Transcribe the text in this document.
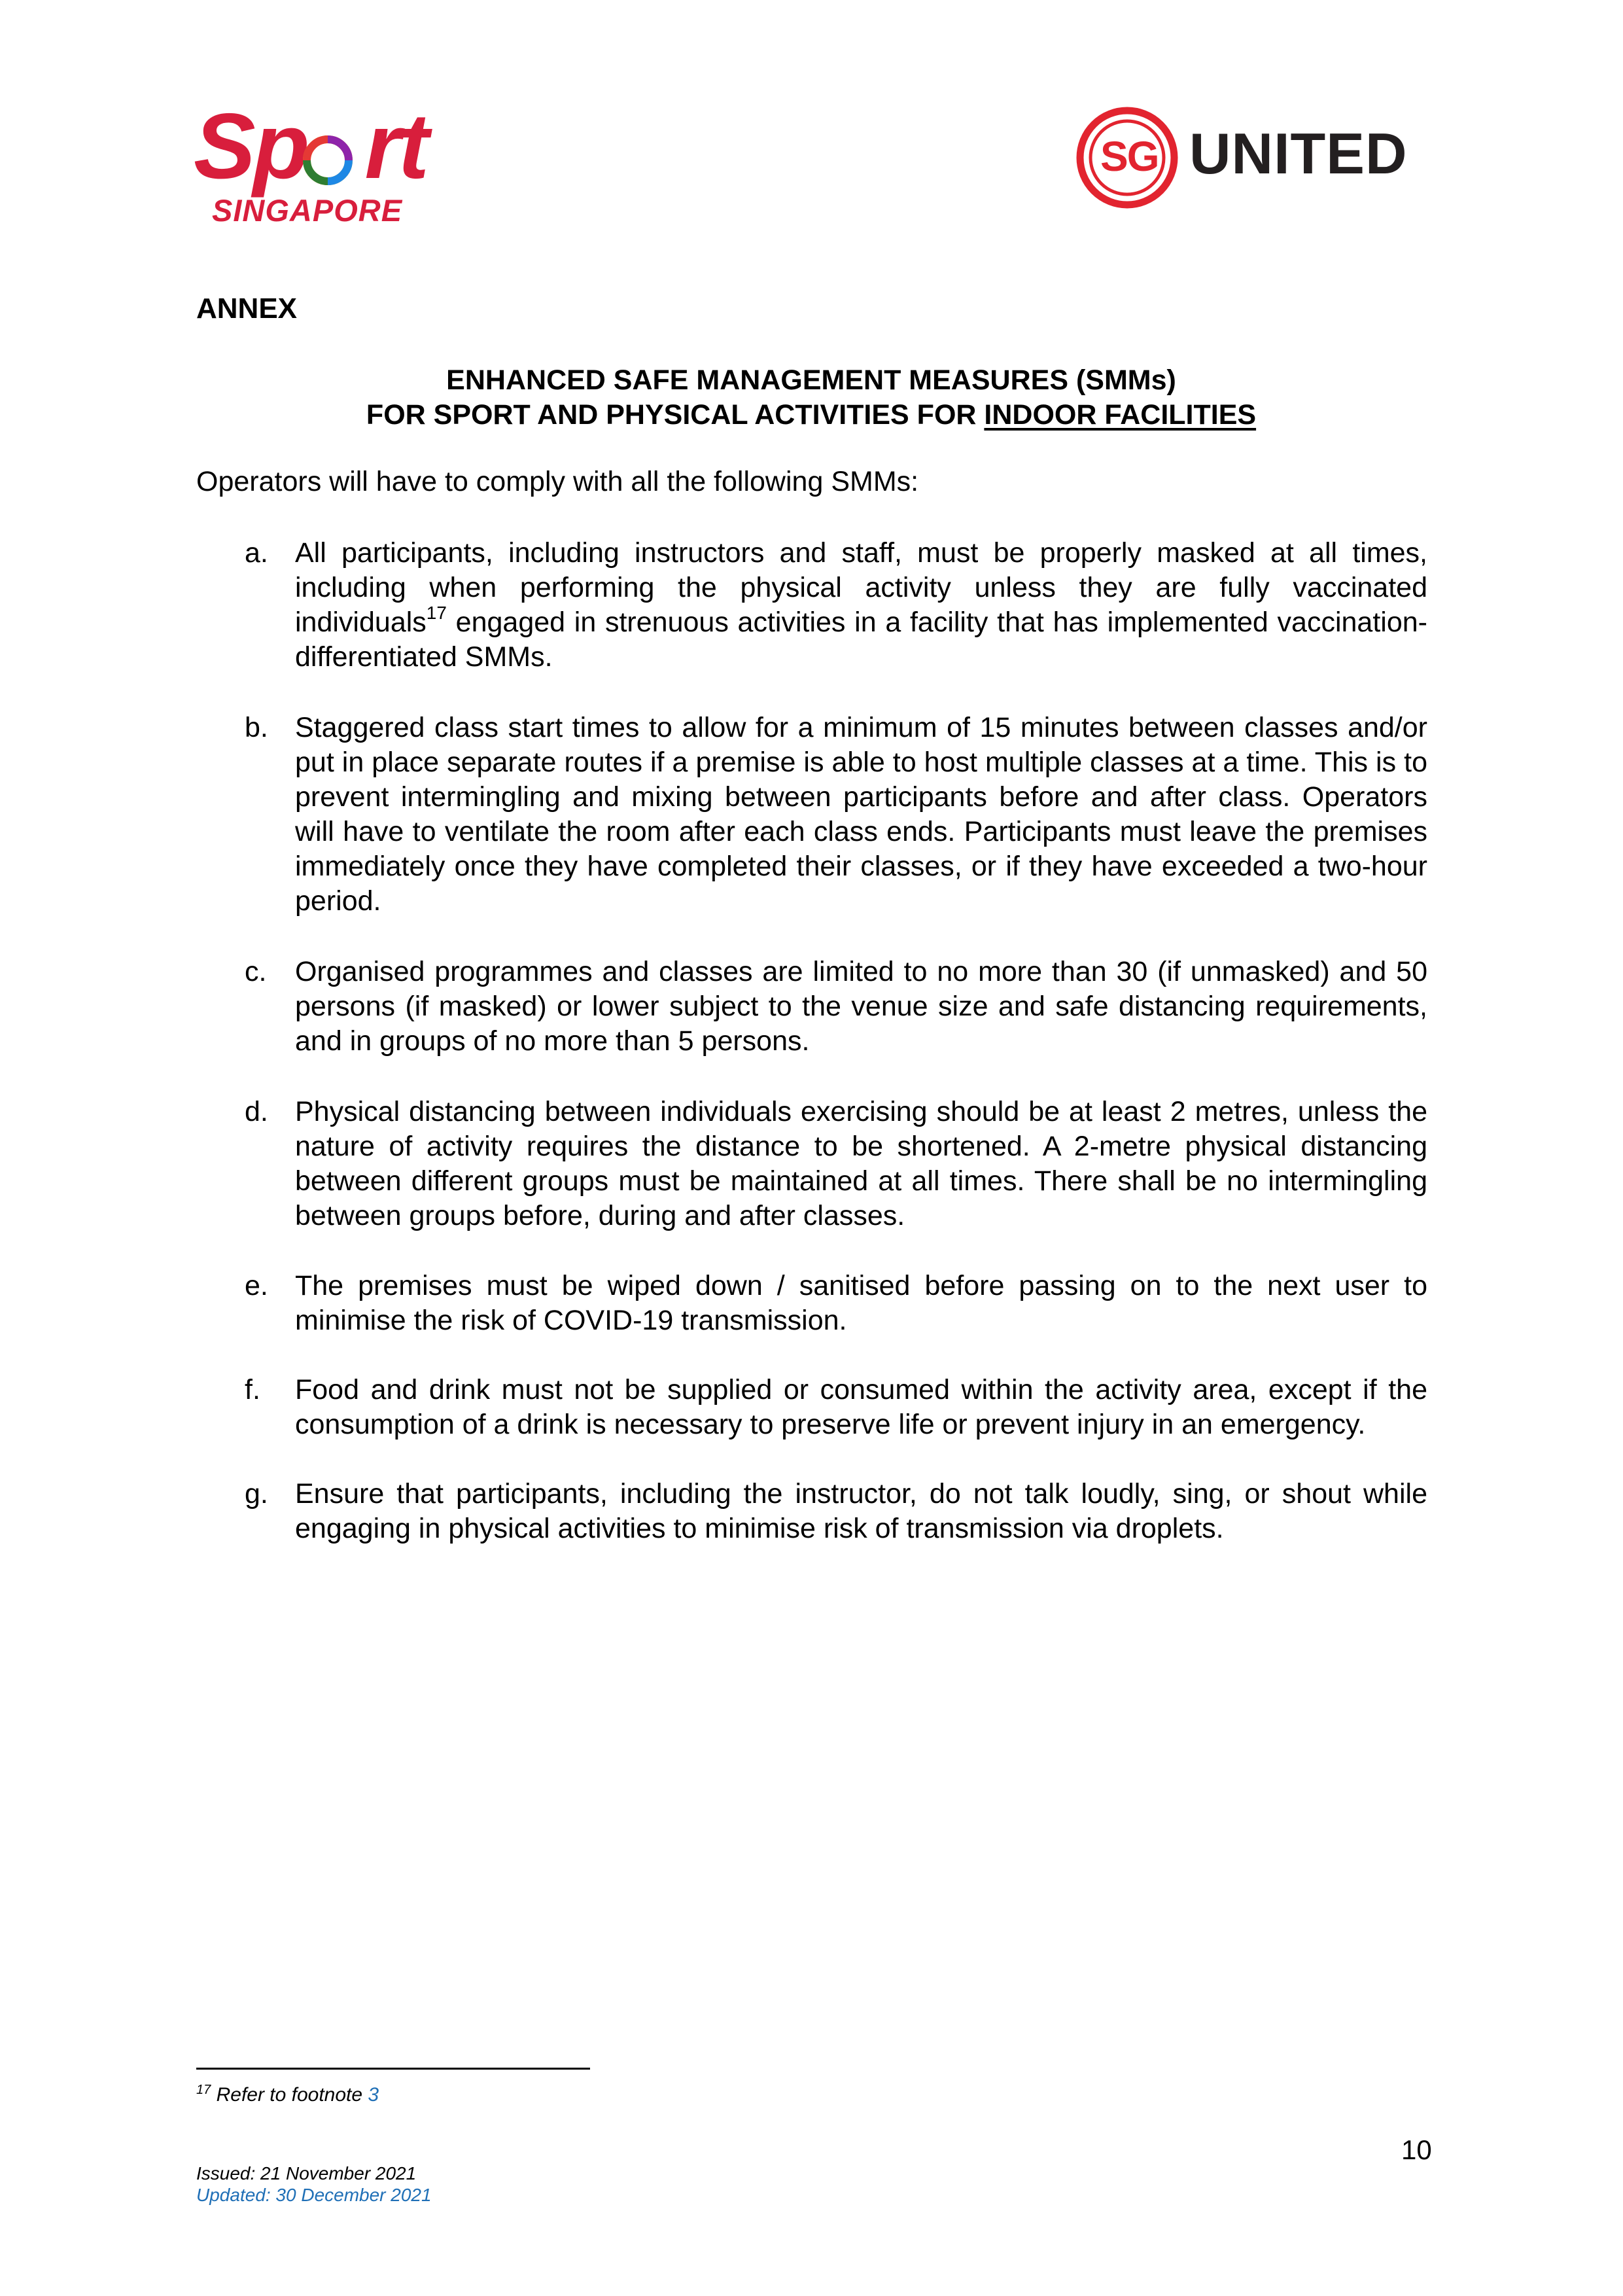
Sp rt
SINGAPORE
SG UNITED
ANNEX
ENHANCED SAFE MANAGEMENT MEASURES (SMMs)
FOR SPORT AND PHYSICAL ACTIVITIES FOR INDOOR FACILITIES
Operators will have to comply with all the following SMMs:
a. All participants, including instructors and staff, must be properly masked at all times, including when performing the physical activity unless they are fully vaccinated individuals$^{17}$ engaged in strenuous activities in a facility that has implemented vaccination-differentiated SMMs.
b. Staggered class start times to allow for a minimum of 15 minutes between classes and/or put in place separate routes if a premise is able to host multiple classes at a time. This is to prevent intermingling and mixing between participants before and after class. Operators will have to ventilate the room after each class ends. Participants must leave the premises immediately once they have completed their classes, or if they have exceeded a two-hour period.
c. Organised programmes and classes are limited to no more than 30 (if unmasked) and 50 persons (if masked) or lower subject to the venue size and safe distancing requirements, and in groups of no more than 5 persons.
d. Physical distancing between individuals exercising should be at least 2 metres, unless the nature of activity requires the distance to be shortened. A 2-metre physical distancing between different groups must be maintained at all times. There shall be no intermingling between groups before, during and after classes.
e. The premises must be wiped down / sanitised before passing on to the next user to minimise the risk of COVID-19 transmission.
f. Food and drink must not be supplied or consumed within the activity area, except if the consumption of a drink is necessary to preserve life or prevent injury in an emergency.
g. Ensure that participants, including the instructor, do not talk loudly, sing, or shout while engaging in physical activities to minimise risk of transmission via droplets.
$^{17}$ Refer to footnote 3
10
Issued: 21 November 2021
Updated: 30 December 2021
